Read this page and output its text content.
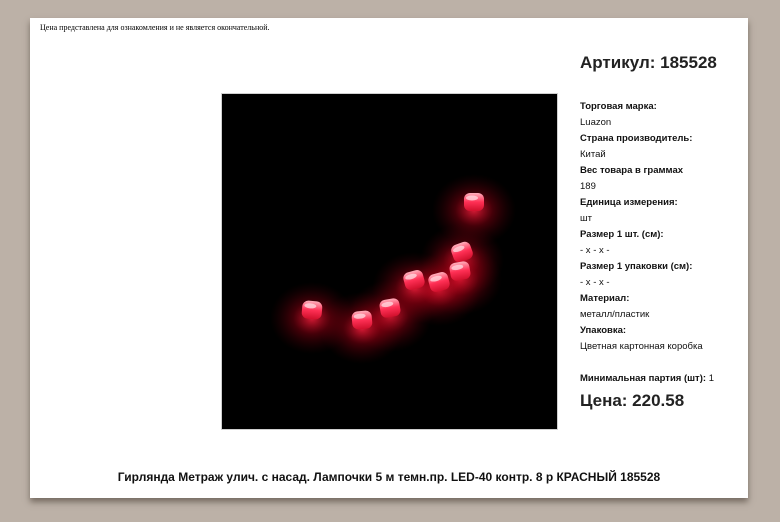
Цена представлена для ознакомления и не является окончательной.
Артикул: 185528
Торговая марка:
Luazon
Страна производитель:
Китай
Вес товара в граммах
189
Единица измерения:
шт
Размер 1 шт. (см):
- x - x -
Размер 1 упаковки (см):
- x - x -
Материал:
металл/пластик
Упаковка:
Цветная картонная коробка
Минимальная партия (шт): 1
Цена: 220.58
Гирлянда Метраж улич. с насад. Лампочки 5 м темн.пр. LED-40 контр. 8 р КРАСНЫЙ 185528
